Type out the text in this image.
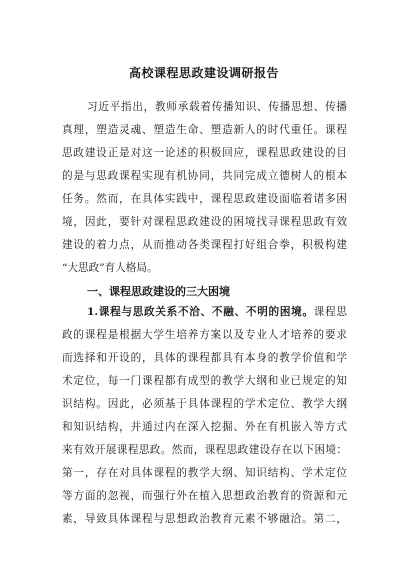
高校课程思政建设调研报告
习近平指出，教师承载着传播知识、传播思想、传播
真理，塑造灵魂、塑造生命、塑造新人的时代重任。课程
思政建设正是对这一论述的积极回应，课程思政建设的目
的是与思政课程实现有机协同，共同完成立德树人的根本
任务。然而，在具体实践中，课程思政建设面临着诸多困
境，因此，要针对课程思政建设的困境找寻课程思政有效
建设的着力点，从而推动各类课程打好组合拳，积极构建
“大思政”育人格局。
一、课程思政建设的三大困境
1.课程与思政关系不洽、不融、不明的困境。课程思
政的课程是根据大学生培养方案以及专业人才培养的要求
而选择和开设的，具体的课程都具有本身的教学价值和学
术定位，每一门课程都有成型的教学大纲和业已规定的知
识结构。因此，必须基于具体课程的学术定位、教学大纲
和知识结构，并通过内在深入挖掘、外在有机嵌入等方式
来有效开展课程思政。然而，课程思政建设存在以下困境：
第一，存在对具体课程的教学大纲、知识结构、学术定位
等方面的忽视，而强行外在植入思想政治教育的资源和元
素，导致具体课程与思想政治教育元素不够融洽。第二，
